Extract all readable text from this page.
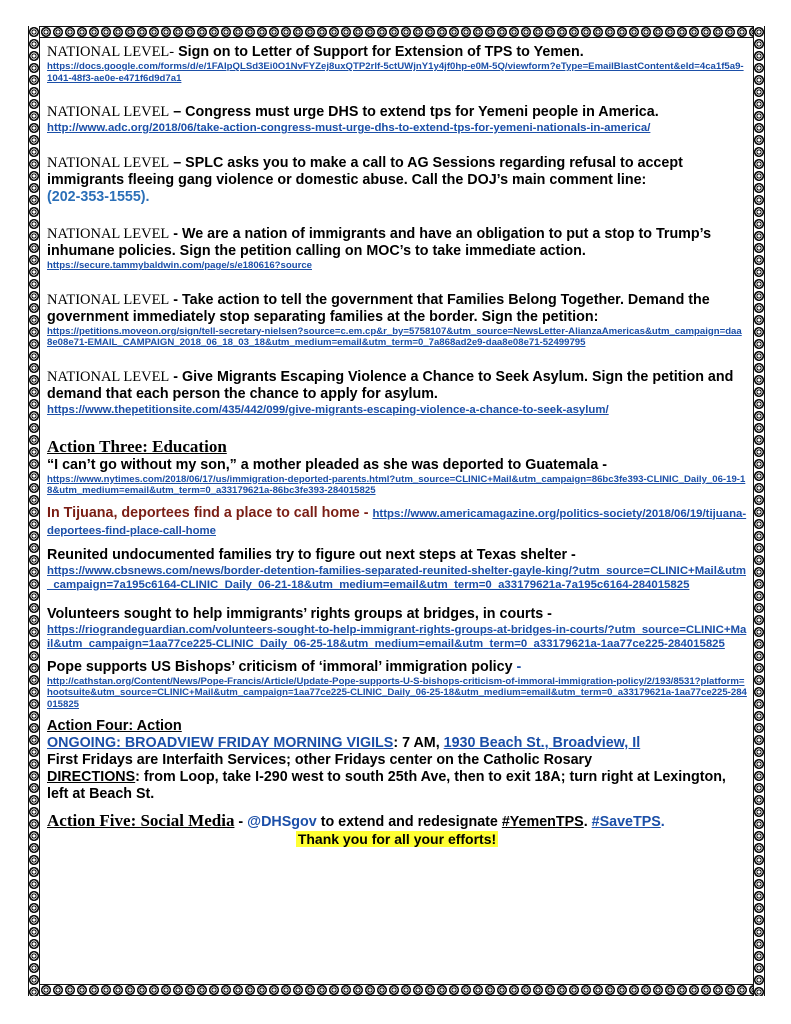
NATIONAL LEVEL- Sign on to Letter of Support for Extension of TPS to Yemen.

https://docs.google.com/forms/d/e/1FAIpQLSd3Ei0O1NvFYZej8uxQTP2rlf-5ctUWjnY1y4jf0hp-e0M-5Q/viewform?eType=EmailBlastContent&eId=4ca1f5a9-1041-48f3-ae0e-e471f6d9d7a1

NATIONAL LEVEL – Congress must urge DHS to extend tps for Yemeni people in America.

http://www.adc.org/2018/06/take-action-congress-must-urge-dhs-to-extend-tps-for-yemeni-nationals-in-america/

NATIONAL LEVEL – SPLC asks you to make a call to AG Sessions regarding refusal to accept immigrants fleeing gang violence or domestic abuse. Call the DOJ’s main comment line:
(202-353-1555).

NATIONAL LEVEL - We are a nation of immigrants and have an obligation to put a stop to Trump’s inhumane policies. Sign the petition calling on MOC’s to take immediate action.

https://secure.tammybaldwin.com/page/s/e180616?source

NATIONAL LEVEL - Take action to tell the government that Families Belong Together. Demand the government immediately stop separating families at the border. Sign the petition:

https://petitions.moveon.org/sign/tell-secretary-nielsen?source=c.em.cp&r_by=5758107&utm_source=NewsLetter-AlianzaAmericas&utm_campaign=daa8e08e71-EMAIL_CAMPAIGN_2018_06_18_03_18&utm_medium=email&utm_term=0_7a868ad2e9-daa8e08e71-52499795

NATIONAL LEVEL - Give Migrants Escaping Violence a Chance to Seek Asylum. Sign the petition and demand that each person the chance to apply for asylum.

https://www.thepetitionsite.com/435/442/099/give-migrants-escaping-violence-a-chance-to-seek-asylum/

Action Three: Education

“I can’t go without my son,” a mother pleaded as she was deported to Guatemala -

https://www.nytimes.com/2018/06/17/us/immigration-deported-parents.html?utm_source=CLINIC+Mail&utm_campaign=86bc3fe393-CLINIC_Daily_06-19-18&utm_medium=email&utm_term=0_a33179621a-86bc3fe393-284015825

In Tijuana, deportees find a place to call home - https://www.americamagazine.org/politics-society/2018/06/19/tijuana-deportees-find-place-call-home

Reunited undocumented families try to figure out next steps at Texas shelter -

https://www.cbsnews.com/news/border-detention-families-separated-reunited-shelter-gayle-king/?utm_source=CLINIC+Mail&utm_campaign=7a195c6164-CLINIC_Daily_06-21-18&utm_medium=email&utm_term=0_a33179621a-7a195c6164-284015825

Volunteers sought to help immigrants’ rights groups at bridges, in courts -

https://riograndeguardian.com/volunteers-sought-to-help-immigrant-rights-groups-at-bridges-in-courts/?utm_source=CLINIC+Mail&utm_campaign=1aa77ce225-CLINIC_Daily_06-25-18&utm_medium=email&utm_term=0_a33179621a-1aa77ce225-284015825

Pope supports US Bishops’ criticism of ‘immoral’ immigration policy -

http://cathstan.org/Content/News/Pope-Francis/Article/Update-Pope-supports-U-S-bishops-criticism-of-immoral-immigration-policy/2/193/8531?platform=hootsuite&utm_source=CLINIC+Mail&utm_campaign=1aa77ce225-CLINIC_Daily_06-25-18&utm_medium=email&utm_term=0_a33179621a-1aa77ce225-284015825

Action Four: Action

ONGOING: BROADVIEW FRIDAY MORNING VIGILS: 7 AM, 1930 Beach St., Broadview, Il

First Fridays are Interfaith Services; other Fridays center on the Catholic Rosary

DIRECTIONS: from Loop, take I-290 west to south 25th Ave, then to exit 18A; turn right at Lexington, left at Beach St.

Action Five: Social Media - @DHSgov to extend and redesignate #YemenTPS. #SaveTPS.

Thank you for all your efforts!
